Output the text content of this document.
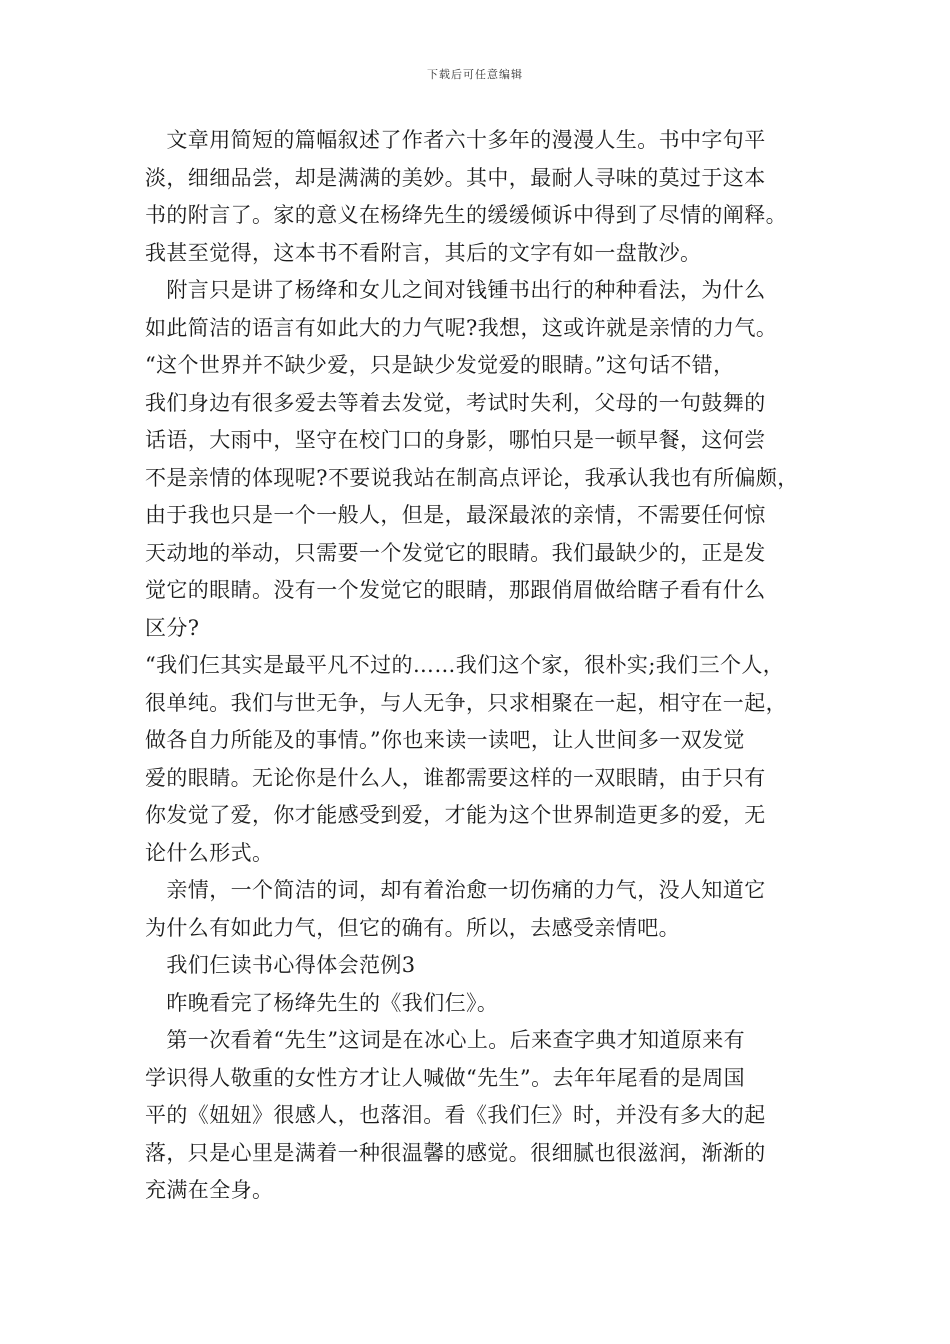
下载后可任意编辑
　文章用简短的篇幅叙述了作者六十多年的漫漫人生。书中字句平
淡，细细品尝，却是满满的美妙。其中，最耐人寻味的莫过于这本
书的附言了。家的意义在杨绛先生的缓缓倾诉中得到了尽情的阐释。
我甚至觉得，这本书不看附言，其后的文字有如一盘散沙。
　附言只是讲了杨绛和女儿之间对钱锺书出行的种种看法，为什么
如此简洁的语言有如此大的力气呢?我想，这或许就是亲情的力气。
“这个世界并不缺少爱，只是缺少发觉爱的眼睛。”这句话不错，
我们身边有很多爱去等着去发觉，考试时失利，父母的一句鼓舞的
话语，大雨中，坚守在校门口的身影，哪怕只是一顿早餐，这何尝
不是亲情的体现呢?不要说我站在制高点评论，我承认我也有所偏颇，
由于我也只是一个一般人，但是，最深最浓的亲情，不需要任何惊
天动地的举动，只需要一个发觉它的眼睛。我们最缺少的，正是发
觉它的眼睛。没有一个发觉它的眼睛，那跟俏眉做给瞎子看有什么
区分?
“我们仨其实是最平凡不过的……我们这个家，很朴实;我们三个人，
很单纯。我们与世无争，与人无争，只求相聚在一起，相守在一起，
做各自力所能及的事情。”你也来读一读吧，让人世间多一双发觉
爱的眼睛。无论你是什么人，谁都需要这样的一双眼睛，由于只有
你发觉了爱，你才能感受到爱，才能为这个世界制造更多的爱，无
论什么形式。
　亲情，一个简洁的词，却有着治愈一切伤痛的力气，没人知道它
为什么有如此力气，但它的确有。所以，去感受亲情吧。
　我们仨读书心得体会范例3
　昨晚看完了杨绛先生的《我们仨》。
　第一次看着“先生”这词是在冰心上。后来查字典才知道原来有
学识得人敬重的女性方才让人喊做“先生”。去年年尾看的是周国
平的《妞妞》很感人，也落泪。看《我们仨》时，并没有多大的起
落，只是心里是满着一种很温馨的感觉。很细腻也很滋润，渐渐的
充满在全身。
